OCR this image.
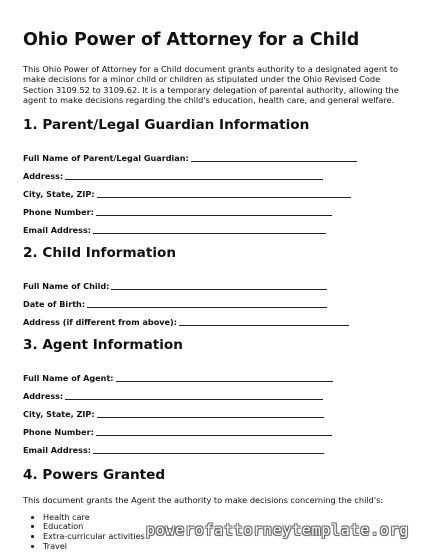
Ohio Power of Attorney for a Child

This Ohio Power of Attorney for a Child document grants authority to a designated agent to make decisions for a minor child or children as stipulated under the Ohio Revised Code Section 3109.52 to 3109.62. It is a temporary delegation of parental authority, allowing the agent to make decisions regarding the child's education, health care, and general welfare.

1. Parent/Legal Guardian Information
Full Name of Parent/Legal Guardian:
Address:
City, State, ZIP:
Phone Number:
Email Address:
2. Child Information
Full Name of Child:
Date of Birth:
Address (if different from above):
3. Agent Information
Full Name of Agent:
Address:
City, State, ZIP:
Phone Number:
Email Address:
4. Powers Granted
This document grants the Agent the authority to make decisions concerning the child's:
• Health care
• Education
• Extra-curricular activities
• Travel
powerofattorneytemplate.org
